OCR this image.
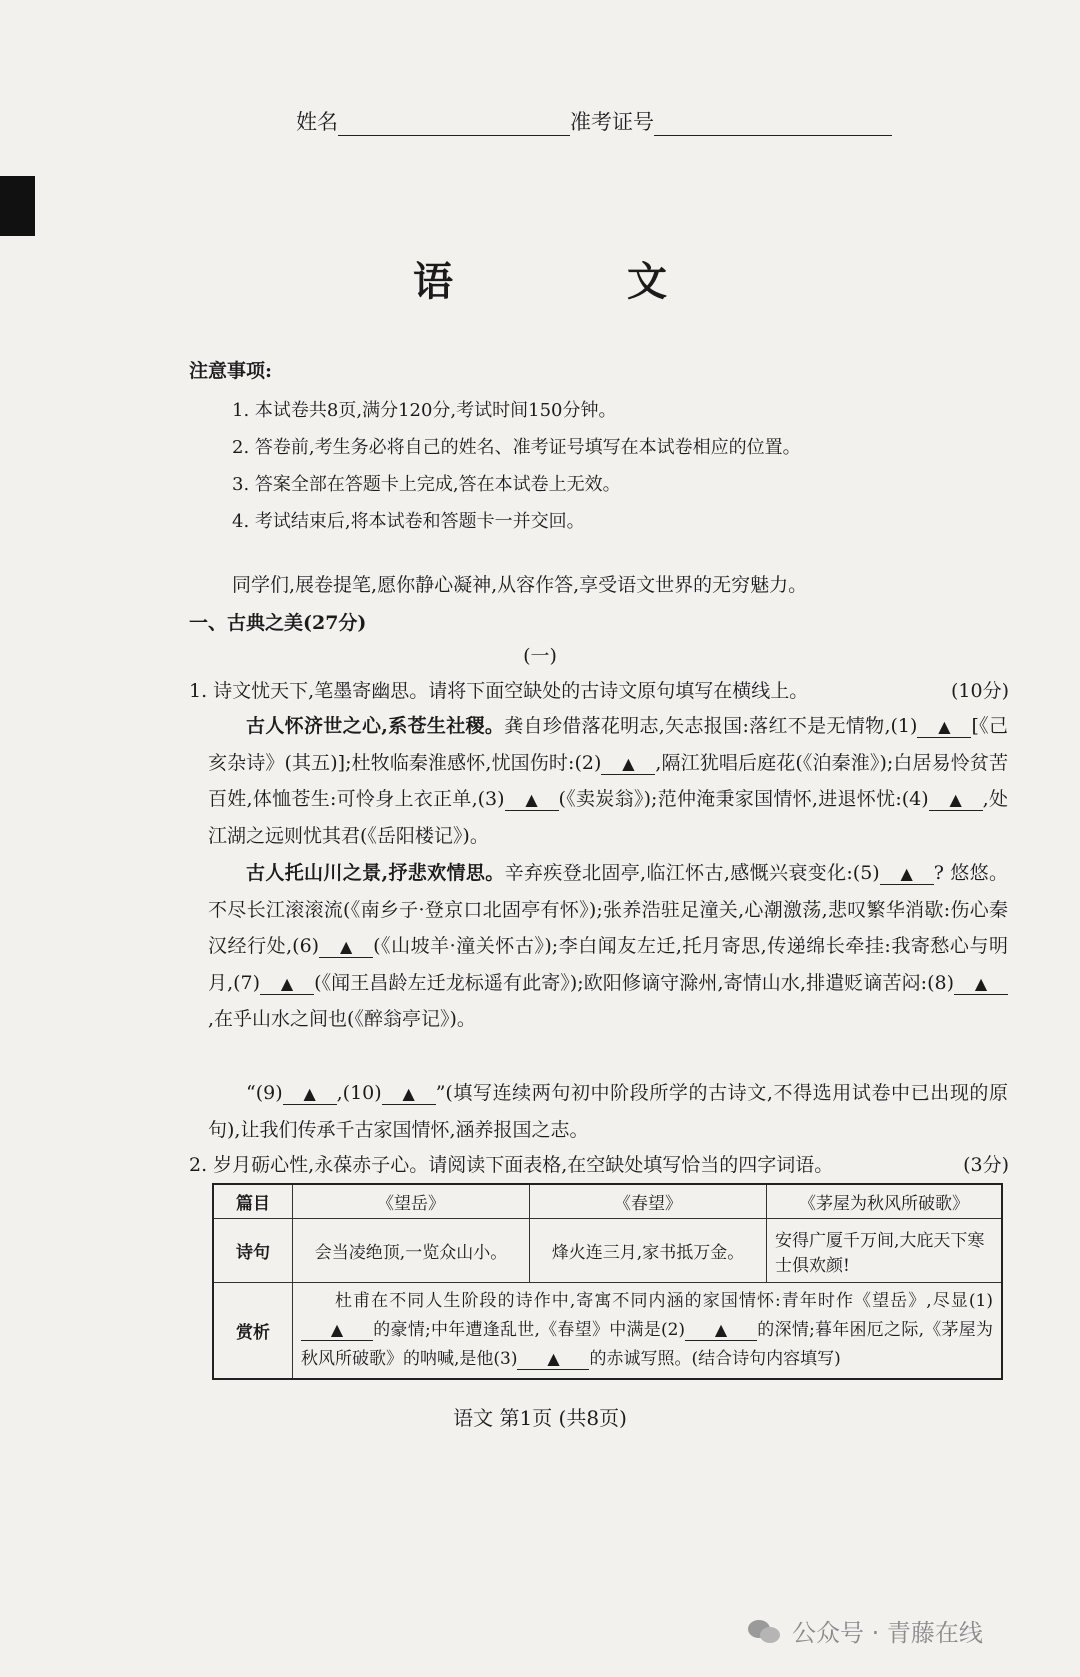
姓名	准考证号
语 文
注意事项:
1. 本试卷共8页,满分120分,考试时间150分钟。
2. 答卷前,考生务必将自己的姓名、准考证号填写在本试卷相应的位置。
3. 答案全部在答题卡上完成,答在本试卷上无效。
4. 考试结束后,将本试卷和答题卡一并交回。
同学们,展卷提笔,愿你静心凝神,从容作答,享受语文世界的无穷魅力。
一、古典之美(27分)
(一)
1. 诗文忧天下,笔墨寄幽思。请将下面空缺处的古诗文原句填写在横线上。	(10分)
古人怀济世之心,系苍生社稷。龚自珍借落花明志,矢志报国:落红不是无情物,(1) ▲ [《己亥杂诗》(其五)];杜牧临秦淮感怀,忧国伤时:(2) ▲ ,隔江犹唱后庭花(《泊秦淮》);白居易怜贫苦百姓,体恤苍生:可怜身上衣正单,(3) ▲ (《卖炭翁》);范仲淹秉家国情怀,进退怀忧:(4) ▲ ,处江湖之远则忧其君(《岳阳楼记》)。
古人托山川之景,抒悲欢情思。辛弃疾登北固亭,临江怀古,感慨兴衰变化:(5) ▲ ? 悠悠。不尽长江滚滚流(《南乡子·登京口北固亭有怀》);张养浩驻足潼关,心潮激荡,悲叹繁华消歇:伤心秦汉经行处,(6) ▲ (《山坡羊·潼关怀古》);李白闻友左迁,托月寄思,传递绵长牵挂:我寄愁心与明月,(7) ▲ (《闻王昌龄左迁龙标遥有此寄》);欧阳修谪守滁州,寄情山水,排遣贬谪苦闷:(8) ▲,在乎山水之间也(《醉翁亭记》)。
“(9) ▲ ,(10) ▲ ”(填写连续两句初中阶段所学的古诗文,不得选用试卷中已出现的原句),让我们传承千古家国情怀,涵养报国之志。
2. 岁月砺心性,永葆赤子心。请阅读下面表格,在空缺处填写恰当的四字词语。	(3分)
篇目	《望岳》	《春望》	《茅屋为秋风所破歌》
诗句	会当凌绝顶,一览众山小。	烽火连三月,家书抵万金。	安得广厦千万间,大庇天下寒士俱欢颜!
赏析	杜甫在不同人生阶段的诗作中,寄寓不同内涵的家国情怀:青年时作《望岳》,尽显(1)▲ 的豪情;中年遭逢乱世,《春望》中满是(2) ▲ 的深情;暮年困厄之际,《茅屋为秋风所破歌》的呐喊,是他(3) ▲ 的赤诚写照。(结合诗句内容填写)		
语文 第1页 (共8页)
公众号 · 青藤在线
